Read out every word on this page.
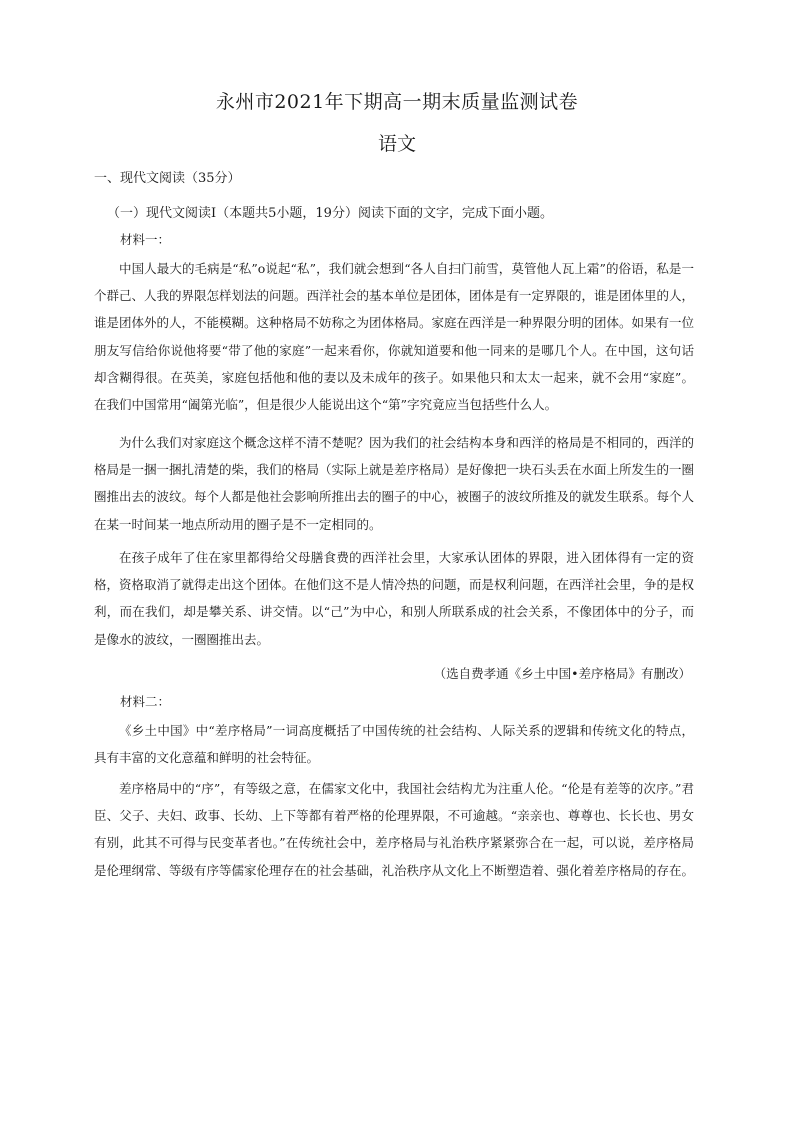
永州市2021年下期高一期末质量监测试卷
语文
一、现代文阅读（35分）
（一）现代文阅读Ⅰ（本题共5小题，19分）阅读下面的文字，完成下面小题。
材料一：

中国人最大的毛病是“私”o说起“私”，我们就会想到“各人自扫门前雪，莫管他人瓦上霜”的俗语，私是一个群己、人我的界限怎样划法的问题。西洋社会的基本单位是团体，团体是有一定界限的，谁是团体里的人，谁是团体外的人，不能模糊。这种格局不妨称之为团体格局。家庭在西洋是一种界限分明的团体。如果有一位朋友写信给你说他将要“带了他的家庭”一起来看你，你就知道要和他一同来的是哪几个人。在中国，这句话却含糊得很。在英美，家庭包括他和他的妻以及未成年的孩子。如果他只和太太一起来，就不会用“家庭”。在我们中国常用“阖第光临”，但是很少人能说出这个“第”字究竟应当包括些什么人。

为什么我们对家庭这个概念这样不清不楚呢？因为我们的社会结构本身和西洋的格局是不相同的，西洋的格局是一捆一捆扎清楚的柴，我们的格局（实际上就是差序格局）是好像把一块石头丢在水面上所发生的一圈圈推出去的波纹。每个人都是他社会影响所推出去的圈子的中心，被圈子的波纹所推及的就发生联系。每个人在某一时间某一地点所动用的圈子是不一定相同的。

在孩子成年了住在家里都得给父母膳食费的西洋社会里，大家承认团体的界限，进入团体得有一定的资格，资格取消了就得走出这个团体。在他们这不是人情冷热的问题，而是权利问题，在西洋社会里，争的是权利，而在我们，却是攀关系、讲交情。以“己”为中心，和别人所联系成的社会关系，不像团体中的分子，而是像水的波纹，一圈圈推出去。

（选自费孝通《乡土中国•差序格局》有删改）
材料二：

《乡土中国》中“差序格局”一词高度概括了中国传统的社会结构、人际关系的逻辑和传统文化的特点，具有丰富的文化意蕴和鲜明的社会特征。

差序格局中的“序”，有等级之意，在儒家文化中，我国社会结构尤为注重人伦。“伦是有差等的次序。”君臣、父子、夫妇、政事、长幼、上下等都有着严格的伦理界限，不可逾越。“亲亲也、尊尊也、长长也、男女有别，此其不可得与民变革者也。”在传统社会中，差序格局与礼治秩序紧紧弥合在一起，可以说，差序格局是伦理纲常、等级有序等儒家伦理存在的社会基础，礼治秩序从文化上不断塑造着、强化着差序格局的存在。
